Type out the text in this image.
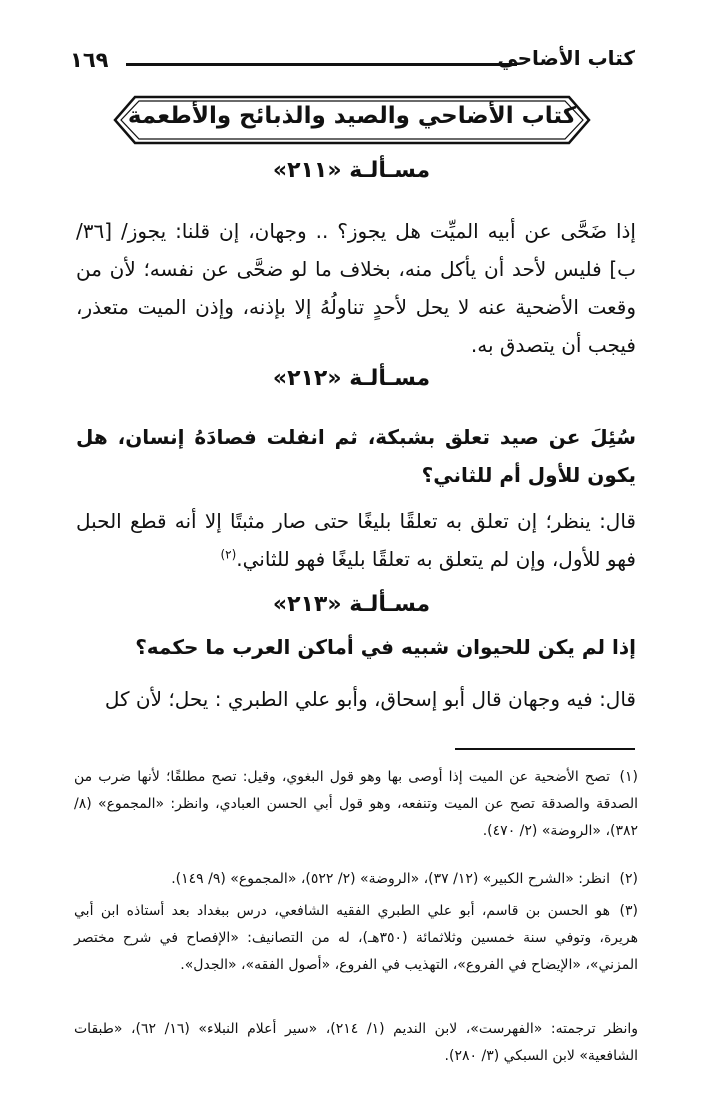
كتاب الأضاحي
١٦٩
كتاب الأضاحي والصيد والذبائح والأطعمة
مسـألـة «٢١١»
إذا ضَحَّى عن أبيه الميِّت هل يجوز؟ .. وجهان، إن قلنا: يجوز/ [٣٦/ ب] فليس لأحد أن يأكل منه، بخلاف ما لو ضحَّى عن نفسه؛ لأن من وقعت الأضحية عنه لا يحل لأحدٍ تناولُهُ إلا بإذنه، وإذن الميت متعذر، فيجب أن يتصدق به.
مسـألـة «٢١٢»
سُئِلَ عن صيد تعلق بشبكة، ثم انفلت فصادَهُ إنسان، هل يكون للأول أم للثاني؟
قال: ينظر؛ إن تعلق به تعلقًا بليغًا حتى صار مثبتًا إلا أنه قطع الحبل فهو للأول، وإن لم يتعلق به تعلقًا بليغًا فهو للثاني.$^{(٢)}$
مسـألـة «٢١٣»
إذا لم يكن للحيوان شبيه في أماكن العرب ما حكمه؟
قال: فيه وجهان قال أبو إسحاق، وأبو علي الطبري : يحل؛ لأن كل
(١)تصح الأضحية عن الميت إذا أوصى بها وهو قول البغوي، وقيل: تصح مطلقًا؛ لأنها ضرب من الصدقة والصدقة تصح عن الميت وتنفعه، وهو قول أبي الحسن العبادي، وانظر: «المجموع» (٨/ ٣٨٢)، «الروضة» (٢/ ٤٧٠).
(٢)انظر: «الشرح الكبير» (١٢/ ٣٧)، «الروضة» (٢/ ٥٢٢)، «المجموع» (٩/ ١٤٩).
(٣)هو الحسن بن قاسم، أبو علي الطبري الفقيه الشافعي، درس ببغداد بعد أستاذه ابن أبي هريرة، وتوفي سنة خمسين وثلاثمائة (٣٥٠هـ)، له من التصانيف: «الإفصاح في شرح مختصر المزني»، «الإيضاح في الفروع»، التهذيب في الفروع، «أصول الفقه»، «الجدل».
وانظر ترجمته: «الفهرست»، لابن النديم (١/ ٢١٤)، «سير أعلام النبلاء» (١٦/ ٦٢)، «طبقات الشافعية» لابن السبكي (٣/ ٢٨٠).
